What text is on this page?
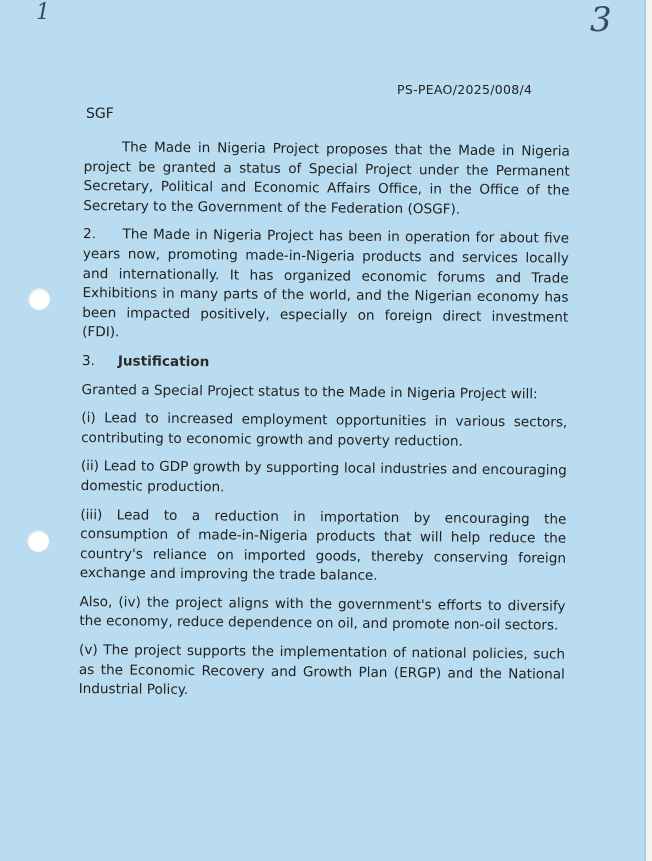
1	3
PS-PEAO/2025/008/4
SGF

The Made in Nigeria Project proposes that the Made in Nigeria project be granted a status of Special Project under the Permanent Secretary, Political and Economic Affairs Office, in the Office of the Secretary to the Government of the Federation (OSGF).

2. The Made in Nigeria Project has been in operation for about five years now, promoting made-in-Nigeria products and services locally and internationally. It has organized economic forums and Trade Exhibitions in many parts of the world, and the Nigerian economy has been impacted positively, especially on foreign direct investment (FDI).

3. Justification

Granted a Special Project status to the Made in Nigeria Project will:

(i) Lead to increased employment opportunities in various sectors, contributing to economic growth and poverty reduction.

(ii) Lead to GDP growth by supporting local industries and encouraging domestic production.

(iii) Lead to a reduction in importation by encouraging the consumption of made-in-Nigeria products that will help reduce the country's reliance on imported goods, thereby conserving foreign exchange and improving the trade balance.

Also, (iv) the project aligns with the government's efforts to diversify the economy, reduce dependence on oil, and promote non-oil sectors.

(v) The project supports the implementation of national policies, such as the Economic Recovery and Growth Plan (ERGP) and the National Industrial Policy.
